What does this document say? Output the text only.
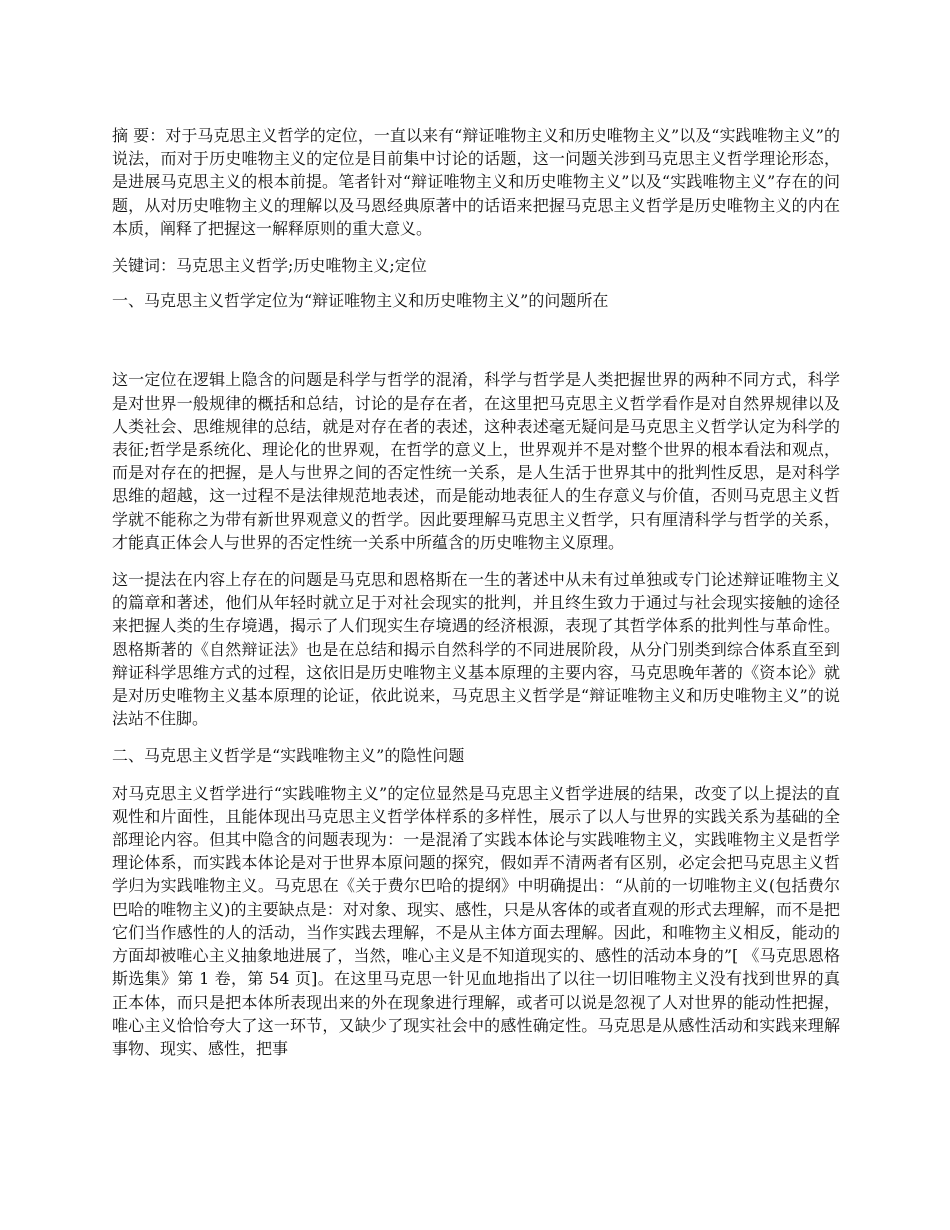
摘 要：对于马克思主义哲学的定位，一直以来有“辩证唯物主义和历史唯物主义”以及“实践唯物主义”的说法，而对于历史唯物主义的定位是目前集中讨论的话题，这一问题关涉到马克思主义哲学理论形态，是进展马克思主义的根本前提。笔者针对“辩证唯物主义和历史唯物主义”以及“实践唯物主义”存在的问题，从对历史唯物主义的理解以及马恩经典原著中的话语来把握马克思主义哲学是历史唯物主义的内在本质，阐释了把握这一解释原则的重大意义。

关键词：马克思主义哲学;历史唯物主义;定位

一、马克思主义哲学定位为“辩证唯物主义和历史唯物主义”的问题所在

这一定位在逻辑上隐含的问题是科学与哲学的混淆，科学与哲学是人类把握世界的两种不同方式，科学是对世界一般规律的概括和总结，讨论的是存在者，在这里把马克思主义哲学看作是对自然界规律以及人类社会、思维规律的总结，就是对存在者的表述，这种表述毫无疑问是马克思主义哲学认定为科学的表征;哲学是系统化、理论化的世界观，在哲学的意义上，世界观并不是对整个世界的根本看法和观点，而是对存在的把握，是人与世界之间的否定性统一关系，是人生活于世界其中的批判性反思，是对科学思维的超越，这一过程不是法律规范地表述，而是能动地表征人的生存意义与价值，否则马克思主义哲学就不能称之为带有新世界观意义的哲学。因此要理解马克思主义哲学，只有厘清科学与哲学的关系，才能真正体会人与世界的否定性统一关系中所蕴含的历史唯物主义原理。

这一提法在内容上存在的问题是马克思和恩格斯在一生的著述中从未有过单独或专门论述辩证唯物主义的篇章和著述，他们从年轻时就立足于对社会现实的批判，并且终生致力于通过与社会现实接触的途径来把握人类的生存境遇，揭示了人们现实生存境遇的经济根源，表现了其哲学体系的批判性与革命性。恩格斯著的《自然辩证法》也是在总结和揭示自然科学的不同进展阶段，从分门别类到综合体系直至到辩证科学思维方式的过程，这依旧是历史唯物主义基本原理的主要内容，马克思晚年著的《资本论》就是对历史唯物主义基本原理的论证，依此说来，马克思主义哲学是“辩证唯物主义和历史唯物主义”的说法站不住脚。

二、马克思主义哲学是“实践唯物主义”的隐性问题

对马克思主义哲学进行“实践唯物主义”的定位显然是马克思主义哲学进展的结果，改变了以上提法的直观性和片面性，且能体现出马克思主义哲学体样系的多样性，展示了以人与世界的实践关系为基础的全部理论内容。但其中隐含的问题表现为：一是混淆了实践本体论与实践唯物主义，实践唯物主义是哲学理论体系，而实践本体论是对于世界本原问题的探究，假如弄不清两者有区别，必定会把马克思主义哲学归为实践唯物主义。马克思在《关于费尔巴哈的提纲》中明确提出：“从前的一切唯物主义(包括费尔巴哈的唯物主义)的主要缺点是：对对象、现实、感性，只是从客体的或者直观的形式去理解，而不是把它们当作感性的人的活动，当作实践去理解，不是从主体方面去理解。因此，和唯物主义相反，能动的方面却被唯心主义抽象地进展了，当然，唯心主义是不知道现实的、感性的活动本身的”[ 《马克思恩格斯选集》第 1 卷，第 54 页]。在这里马克思一针见血地指出了以往一切旧唯物主义没有找到世界的真正本体，而只是把本体所表现出来的外在现象进行理解，或者可以说是忽视了人对世界的能动性把握，唯心主义恰恰夸大了这一环节，又缺少了现实社会中的感性确定性。马克思是从感性活动和实践来理解事物、现实、感性，把事
